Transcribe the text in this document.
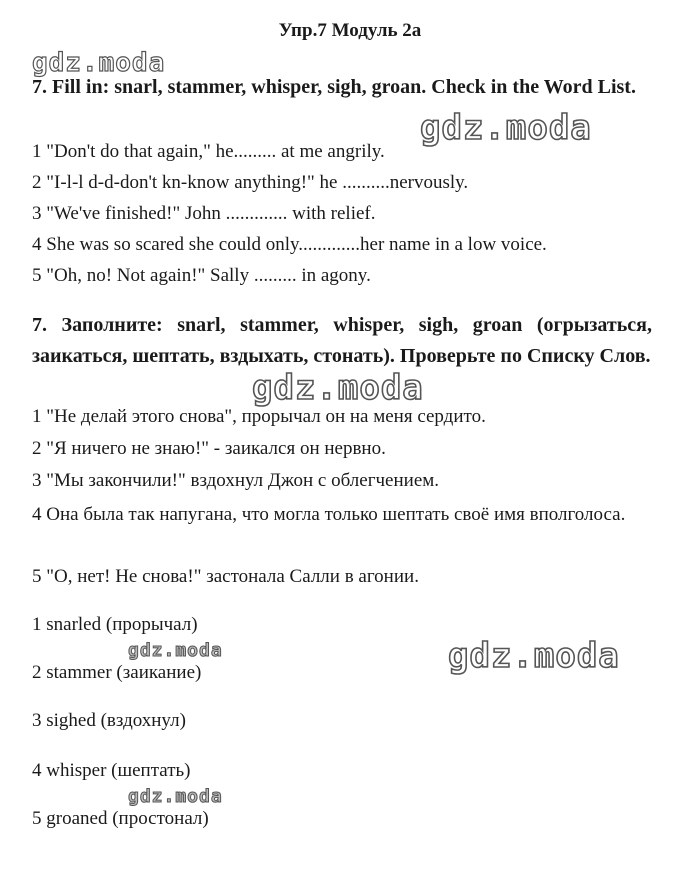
Упр.7 Модуль 2а
gdz.moda
gdz.moda
gdz.moda
gdz.moda
gdz.moda
gdz.moda
7. Fill in: snarl, stammer, whisper, sigh, groan. Check in the Word List.
1 "Don't do that again," he......... at me angrily.
2 "I-l-l d-d-don't kn-know anything!" he ..........nervously.
3 "We've finished!" John ............. with relief.
4 She was so scared she could only.............her name in a low voice.
5 "Oh, no! Not again!" Sally ......... in agony.
7. Заполните: snarl, stammer, whisper, sigh, groan (огрызаться, заикаться, шептать, вздыхать, стонать). Проверьте по Списку Слов.
1 "Не делай этого снова", прорычал он на меня сердито.
2 "Я ничего не знаю!" - заикался он нервно.
3 "Мы закончили!" вздохнул Джон с облегчением.
4 Она была так напугана, что могла только шептать своё имя вполголоса.
5 "О, нет! Не снова!" застонала Салли в агонии.
1 snarled (прорычал)
2 stammer (заикание)
3 sighed (вздохнул)
4 whisper (шептать)
5 groaned (простонал)
